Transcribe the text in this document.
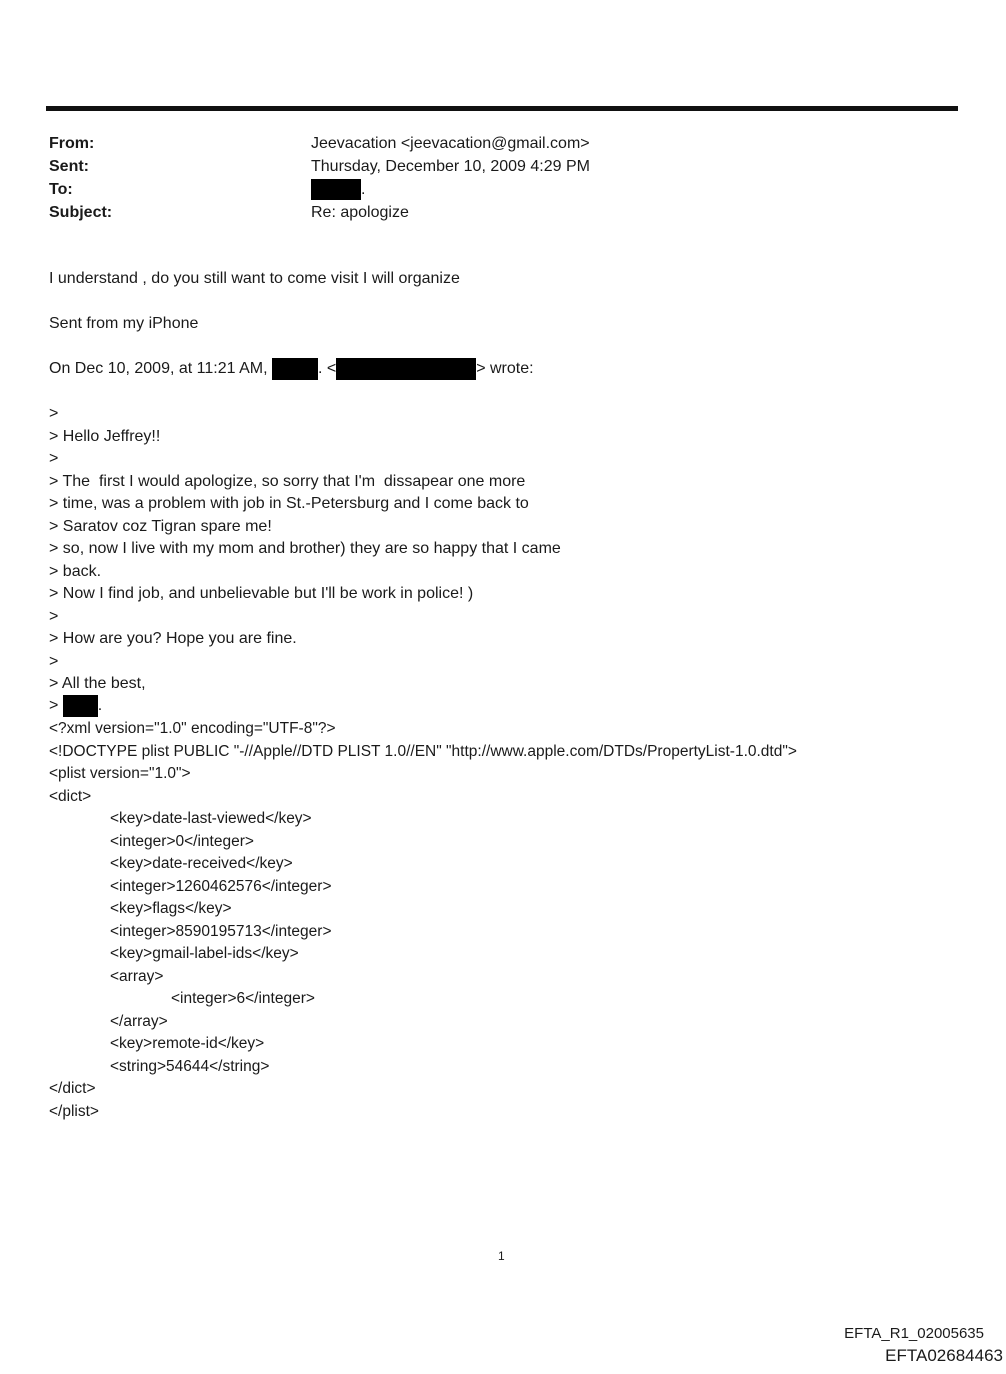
From:	Jeevacation <jeevacation@gmail.com>
Sent:	Thursday, December 10, 2009 4:29 PM
To:	.
Subject:	Re: apologize
I understand , do you still want to come visit I will organize
Sent from my iPhone
On Dec 10, 2009, at 11:21 AM,	. <	> wrote:
>
> Hello Jeffrey!!
>
> The  first I would apologize, so sorry that I'm  dissapear one more
> time, was a problem with job in St.-Petersburg and I come back to
> Saratov coz Tigran spare me!
> so, now I live with my mom and brother) they are so happy that I came
> back.
> Now I find job, and unbelievable but I'll be work in police! )
>
> How are you? Hope you are fine.
>
> All the best,
> .
<?xml version="1.0" encoding="UTF-8"?>
<!DOCTYPE plist PUBLIC "-//Apple//DTD PLIST 1.0//EN" "http://www.apple.com/DTDs/PropertyList-1.0.dtd">
<plist version="1.0">
<dict>
<key>date-last-viewed</key>
<integer>0</integer>
<key>date-received</key>
<integer>1260462576</integer>
<key>flags</key>
<integer>8590195713</integer>
<key>gmail-label-ids</key>
<array>
<integer>6</integer>
</array>
<key>remote-id</key>
<string>54644</string>
</dict>
</plist>
1
EFTA_R1_02005635
EFTA02684463
